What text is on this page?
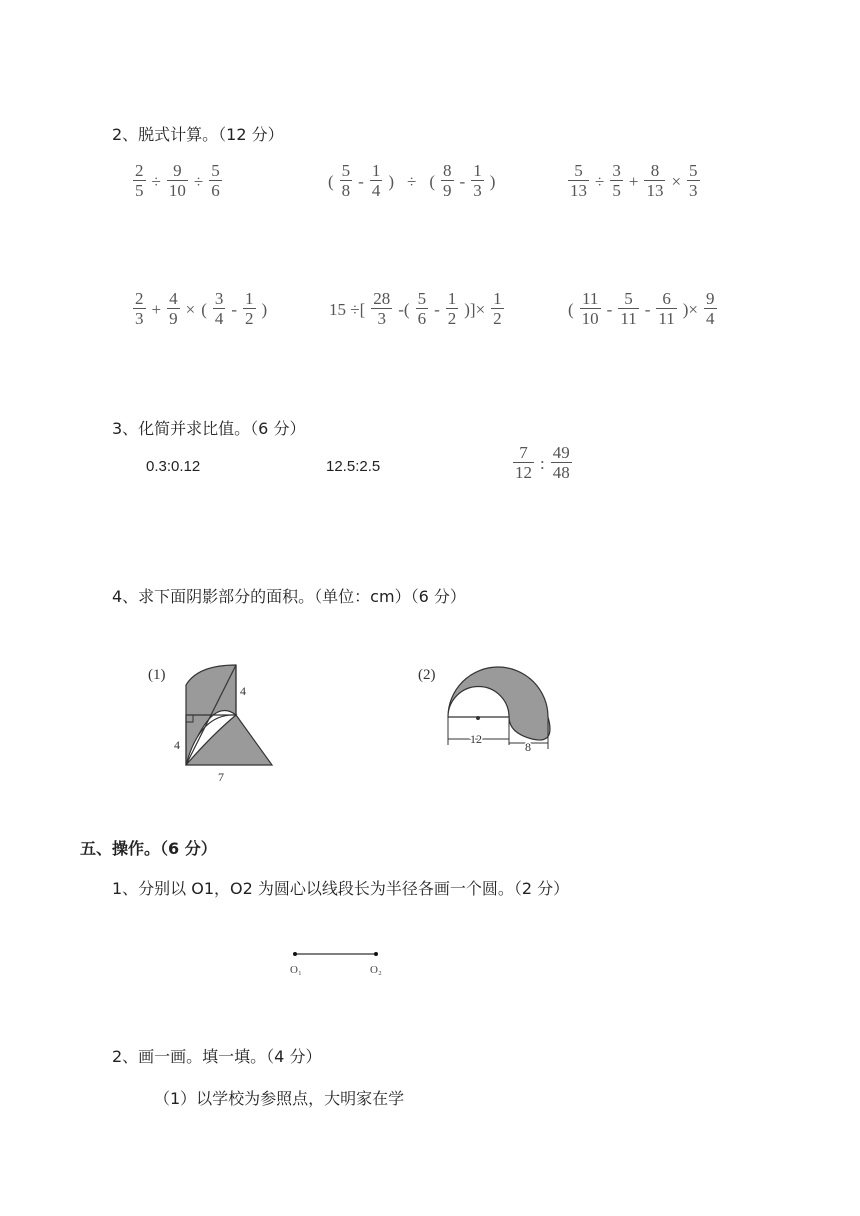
2、脱式计算。（12 分）
$\frac{2}{5} \div \frac{9}{10} \div \frac{5}{6}$	( $\frac{5}{8} - \frac{1}{4}$ ) ÷ ( $\frac{8}{9} - \frac{1}{3}$ )	$\frac{5}{13} \div \frac{3}{5} + \frac{8}{13} \times \frac{5}{3}$
$\frac{2}{3} + \frac{4}{9}$ × ( $\frac{3}{4} - \frac{1}{2}$ )	15 ÷[ $\frac{28}{3}$ -( $\frac{5}{6} - \frac{1}{2}$ )]× $\frac{1}{2}$	( $\frac{11}{10} - \frac{5}{11} - \frac{6}{11}$ )× $\frac{9}{4}$
3、化简并求比值。（6 分）
0.3:0.12	12.5:2.5	$\frac{7}{12}$ : $\frac{49}{48}$
4、求下面阴影部分的面积。（单位：cm）（6 分）
(1)
4
4
7
(2)
12
8
五、操作。（6 分）
1、分别以 O1，O2 为圆心以线段长为半径各画一个圆。（2 分）
O₁	O₂
2、画一画。填一填。（4 分）
（1）以学校为参照点，大明家在学
